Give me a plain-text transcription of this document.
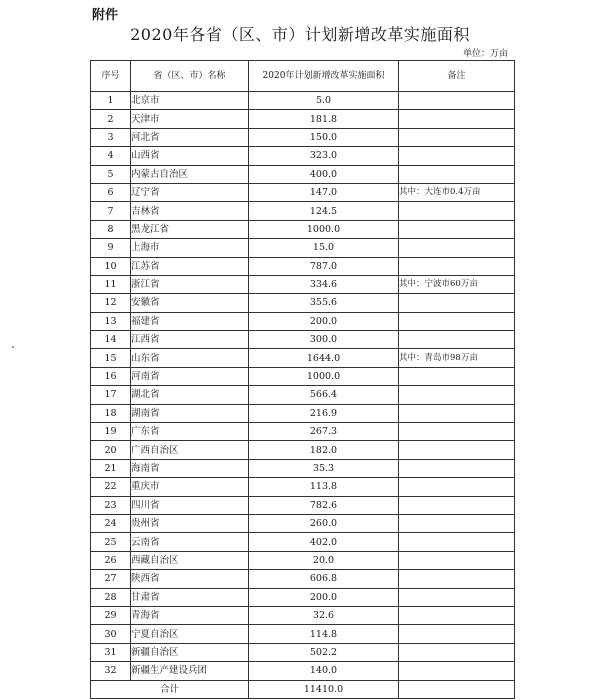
附件
2020年各省（区、市）计划新增改革实施面积
单位：万亩
序号	省（区、市）名称	2020年计划新增改革实施面积	备注
1	北京市	5.0	
2	天津市	181.8	
3	河北省	150.0	
4	山西省	323.0	
5	内蒙古自治区	400.0	
6	辽宁省	147.0	其中：大连市0.4万亩
7	吉林省	124.5	
8	黑龙江省	1000.0	
9	上海市	15.0	
10	江苏省	787.0	
11	浙江省	334.6	其中：宁波市60万亩
12	安徽省	355.6	
13	福建省	200.0	
14	江西省	300.0	
15	山东省	1644.0	其中：青岛市98万亩
16	河南省	1000.0	
17	湖北省	566.4	
18	湖南省	216.9	
19	广东省	267.3	
20	广西自治区	182.0	
21	海南省	35.3	
22	重庆市	113.8	
23	四川省	782.6	
24	贵州省	260.0	
25	云南省	402.0	
26	西藏自治区	20.0	
27	陕西省	606.8	
28	甘肃省	200.0	
29	青海省	32.6	
30	宁夏自治区	114.8	
31	新疆自治区	502.2	
32	新疆生产建设兵团	140.0	
合计		11410.0	
